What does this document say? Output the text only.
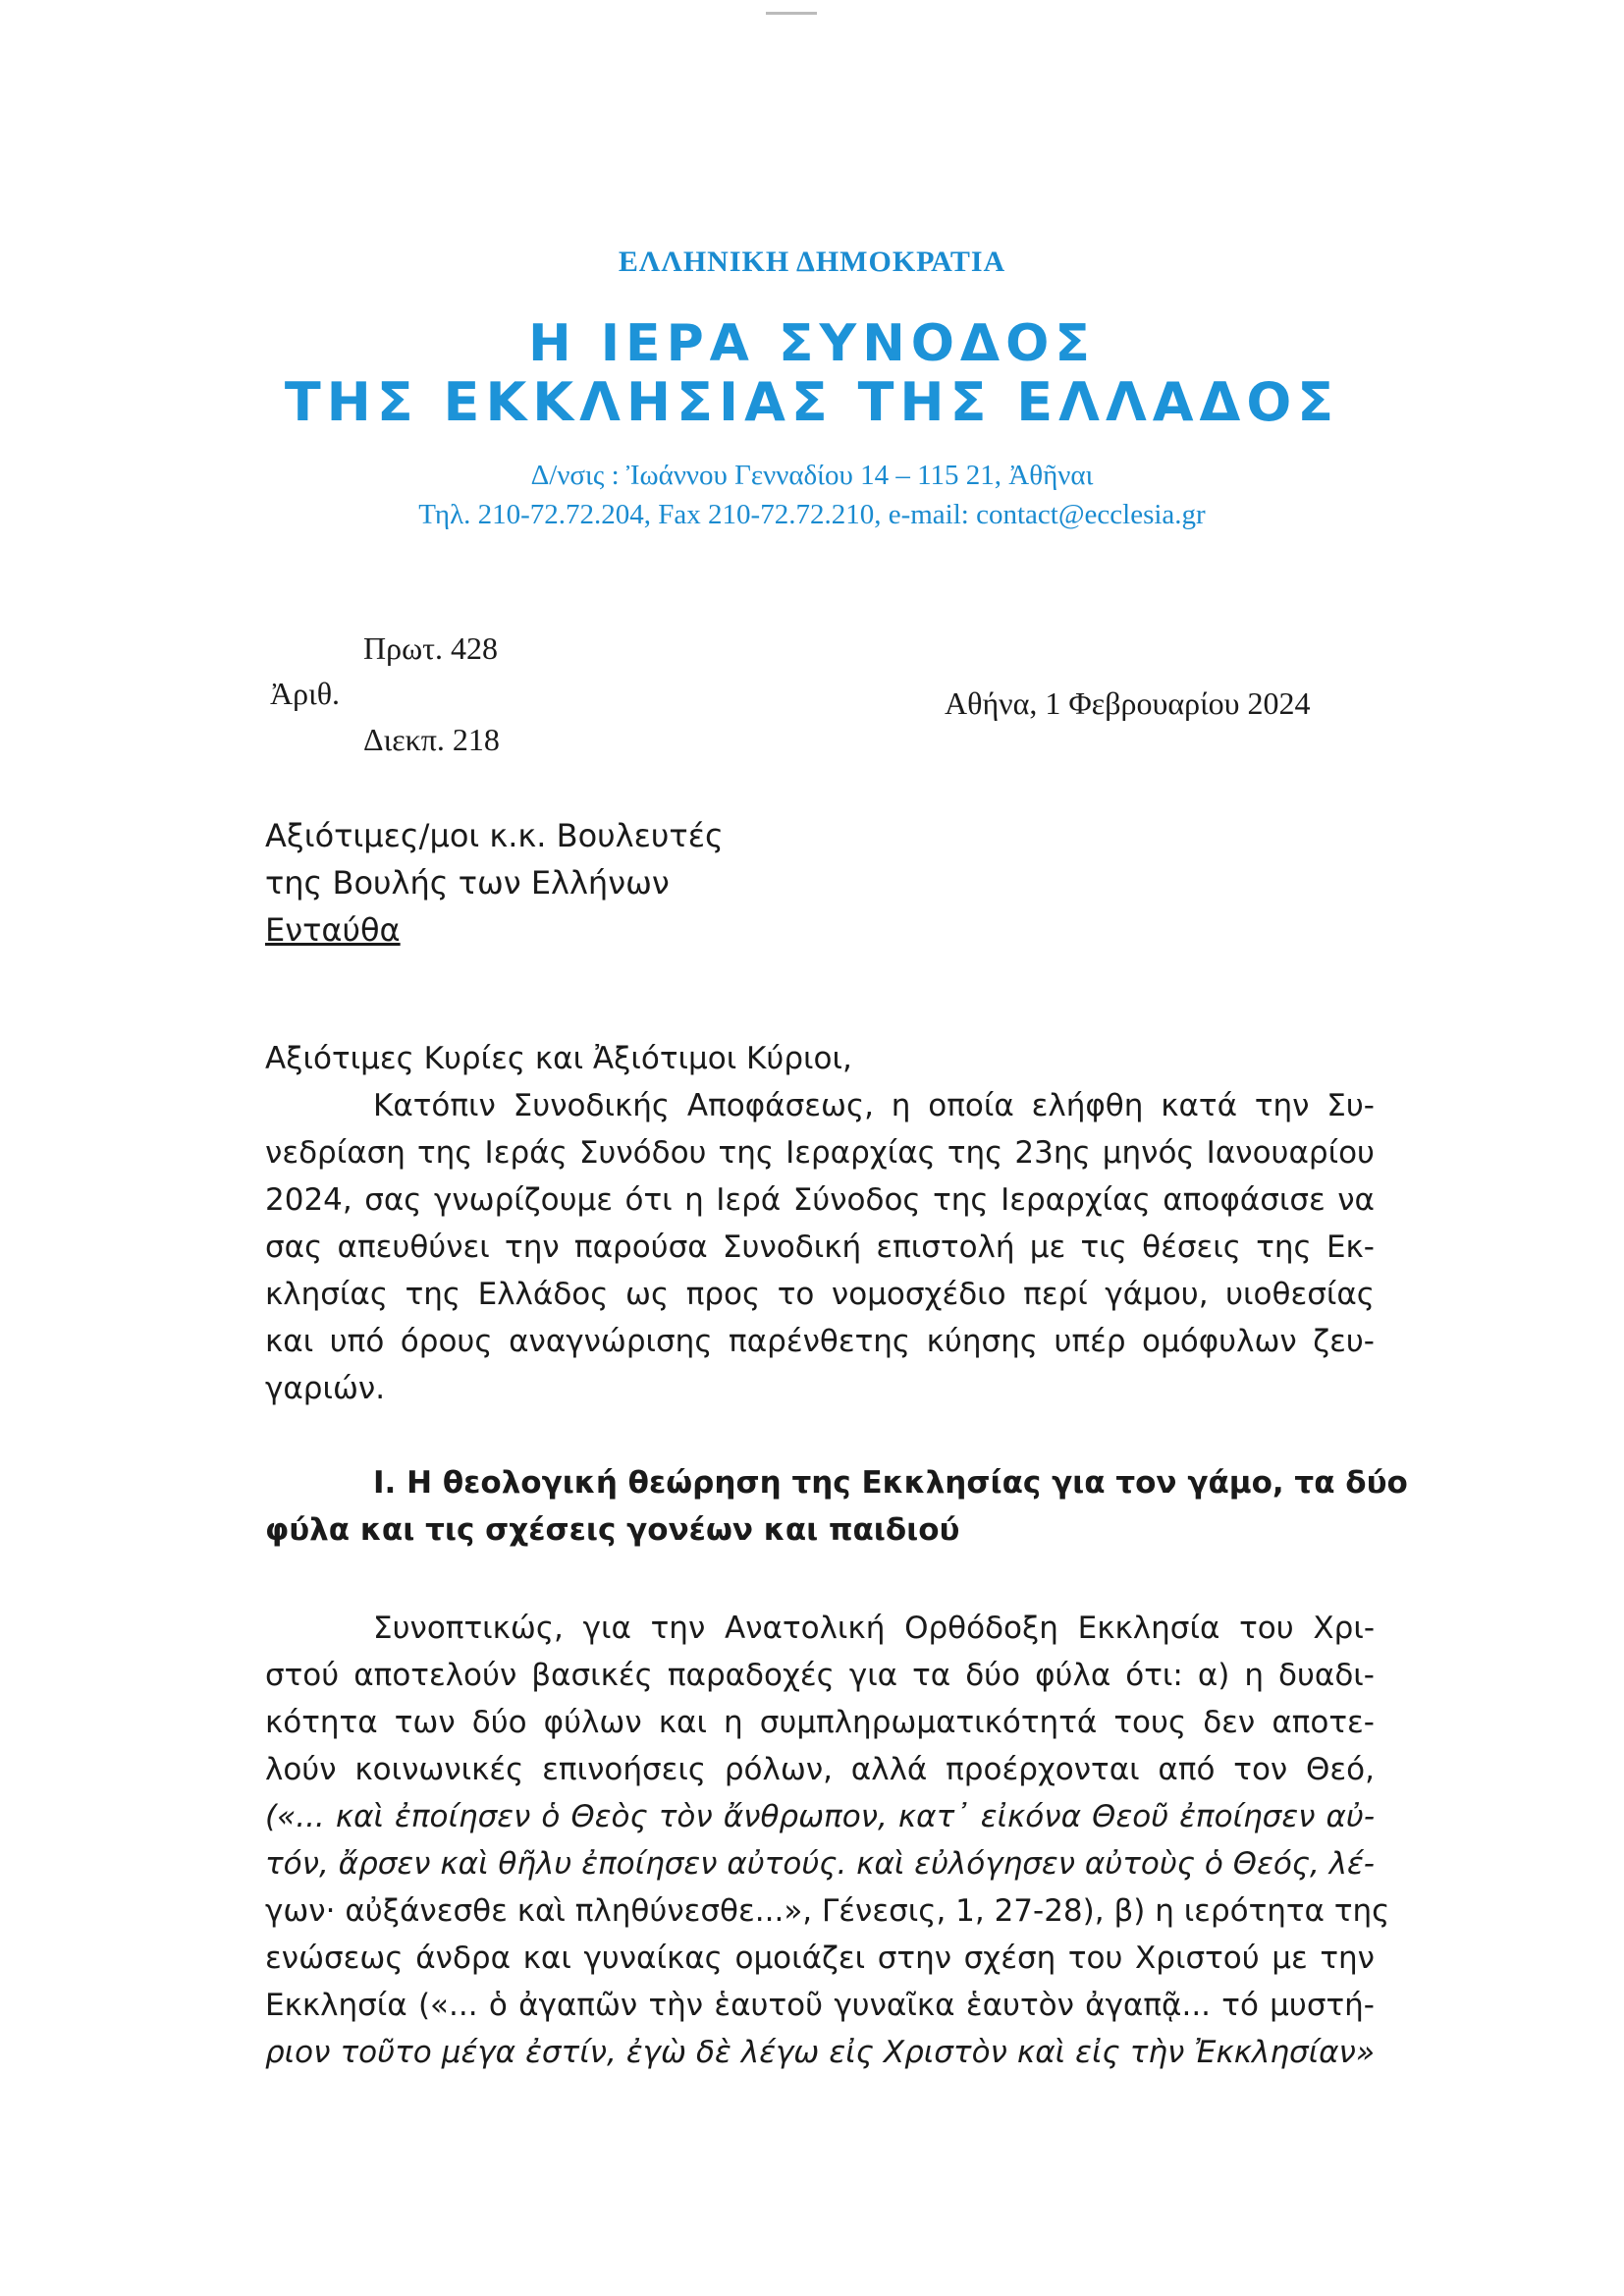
ΕΛΛΗΝΙΚΗ ΔΗΜΟΚΡΑΤΙΑ
Η ΙΕΡΑ ΣΥΝΟΔΟΣ
ΤΗΣ ΕΚΚΛΗΣΙΑΣ ΤΗΣ ΕΛΛΑΔΟΣ
Δ/νσις : Ἰωάννου Γενναδίου 14 – 115 21, Ἀθῆναι
Τηλ. 210-72.72.204, Fax 210-72.72.210, e-mail: contact@ecclesia.gr
Πρωτ. 428
Ἀριθ.
Διεκπ. 218
Αθήνα, 1 Φεβρουαρίου 2024
Αξιότιμες/μοι κ.κ. Βουλευτές
της Βουλής των Ελλήνων
Ενταύθα
Αξιότιμες Κυρίες και Ἀξιότιμοι Κύριοι,
Κατόπιν Συνοδικής Αποφάσεως, η οποία ελήφθη κατά την Συ-
νεδρίαση της Ιεράς Συνόδου της Ιεραρχίας της 23ης μηνός Ιανουαρίου
2024, σας γνωρίζουμε ότι η Ιερά Σύνοδος της Ιεραρχίας αποφάσισε να
σας απευθύνει την παρούσα Συνοδική επιστολή με τις θέσεις της Εκ-
κλησίας της Ελλάδος ως προς το νομοσχέδιο περί γάμου, υιοθεσίας
και υπό όρους αναγνώρισης παρένθετης κύησης υπέρ ομόφυλων ζευ-
γαριών.
Ι. Η θεολογική θεώρηση της Εκκλησίας για τον γάμο, τα δύο
φύλα και τις σχέσεις γονέων και παιδιού
Συνοπτικώς, για την Ανατολική Ορθόδοξη Εκκλησία του Χρι-
στού αποτελούν βασικές παραδοχές για τα δύο φύλα ότι: α) η δυαδι-
κότητα των δύο φύλων και η συμπληρωματικότητά τους δεν αποτε-
λούν κοινωνικές επινοήσεις ρόλων, αλλά προέρχονται από τον Θεό,
(«... καὶ ἐποίησεν ὁ Θεὸς τὸν ἄνθρωπον, κατ᾽ εἰκόνα Θεοῦ ἐποίησεν αὐ-
τόν, ἄρσεν καὶ θῆλυ ἐποίησεν αὐτούς. καὶ εὐλόγησεν αὐτοὺς ὁ Θεός, λέ-
γων· αὐξάνεσθε καὶ πληθύνεσθε...», Γένεσις, 1, 27-28), β) η ιερότητα της
ενώσεως άνδρα και γυναίκας ομοιάζει στην σχέση του Χριστού με την
Εκκλησία («... ὁ ἀγαπῶν τὴν ἑαυτοῦ γυναῖκα ἑαυτὸν ἀγαπᾷ... τό μυστή-
ριον τοῦτο μέγα ἐστίν, ἐγὼ δὲ λέγω εἰς Χριστὸν καὶ εἰς τὴν Ἐκκλησίαν»
